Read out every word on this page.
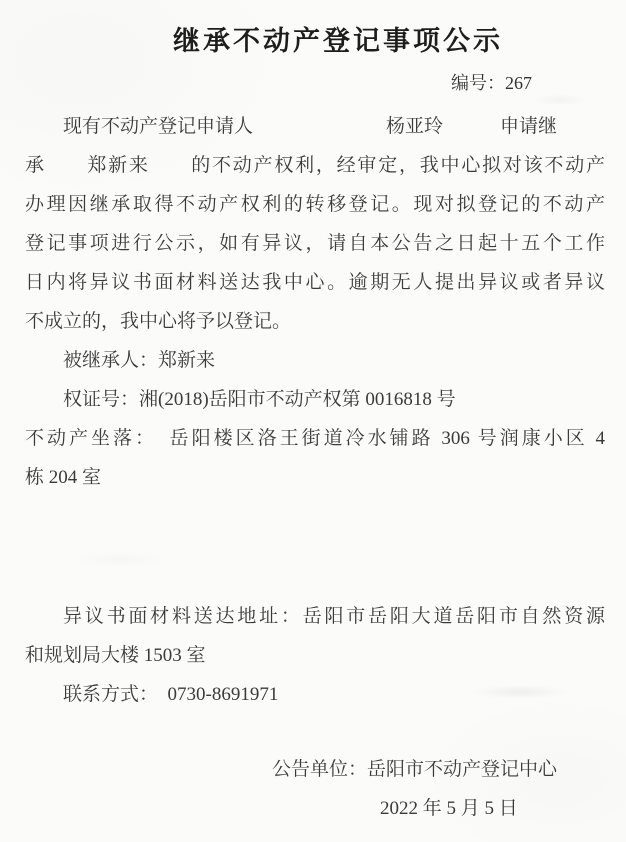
继承不动产登记事项公示
编号：267

现有不动产登记申请人　　　　　　　杨亚玲　　　申请继

承　　郑新来　　的不动产权利，经审定，我中心拟对该不动产

办理因继承取得不动产权利的转移登记。现对拟登记的不动产

登记事项进行公示，如有异议，请自本公告之日起十五个工作

日内将异议书面材料送达我中心。逾期无人提出异议或者异议

不成立的，我中心将予以登记。

被继承人：郑新来

权证号：湘(2018)岳阳市不动产权第 0016818 号

不动产坐落：　岳阳楼区洛王街道冷水铺路 306 号润康小区 4

栋 204 室

异议书面材料送达地址：岳阳市岳阳大道岳阳市自然资源

和规划局大楼 1503 室

联系方式：　0730-8691971

公告单位：岳阳市不动产登记中心

2022 年 5 月 5 日
